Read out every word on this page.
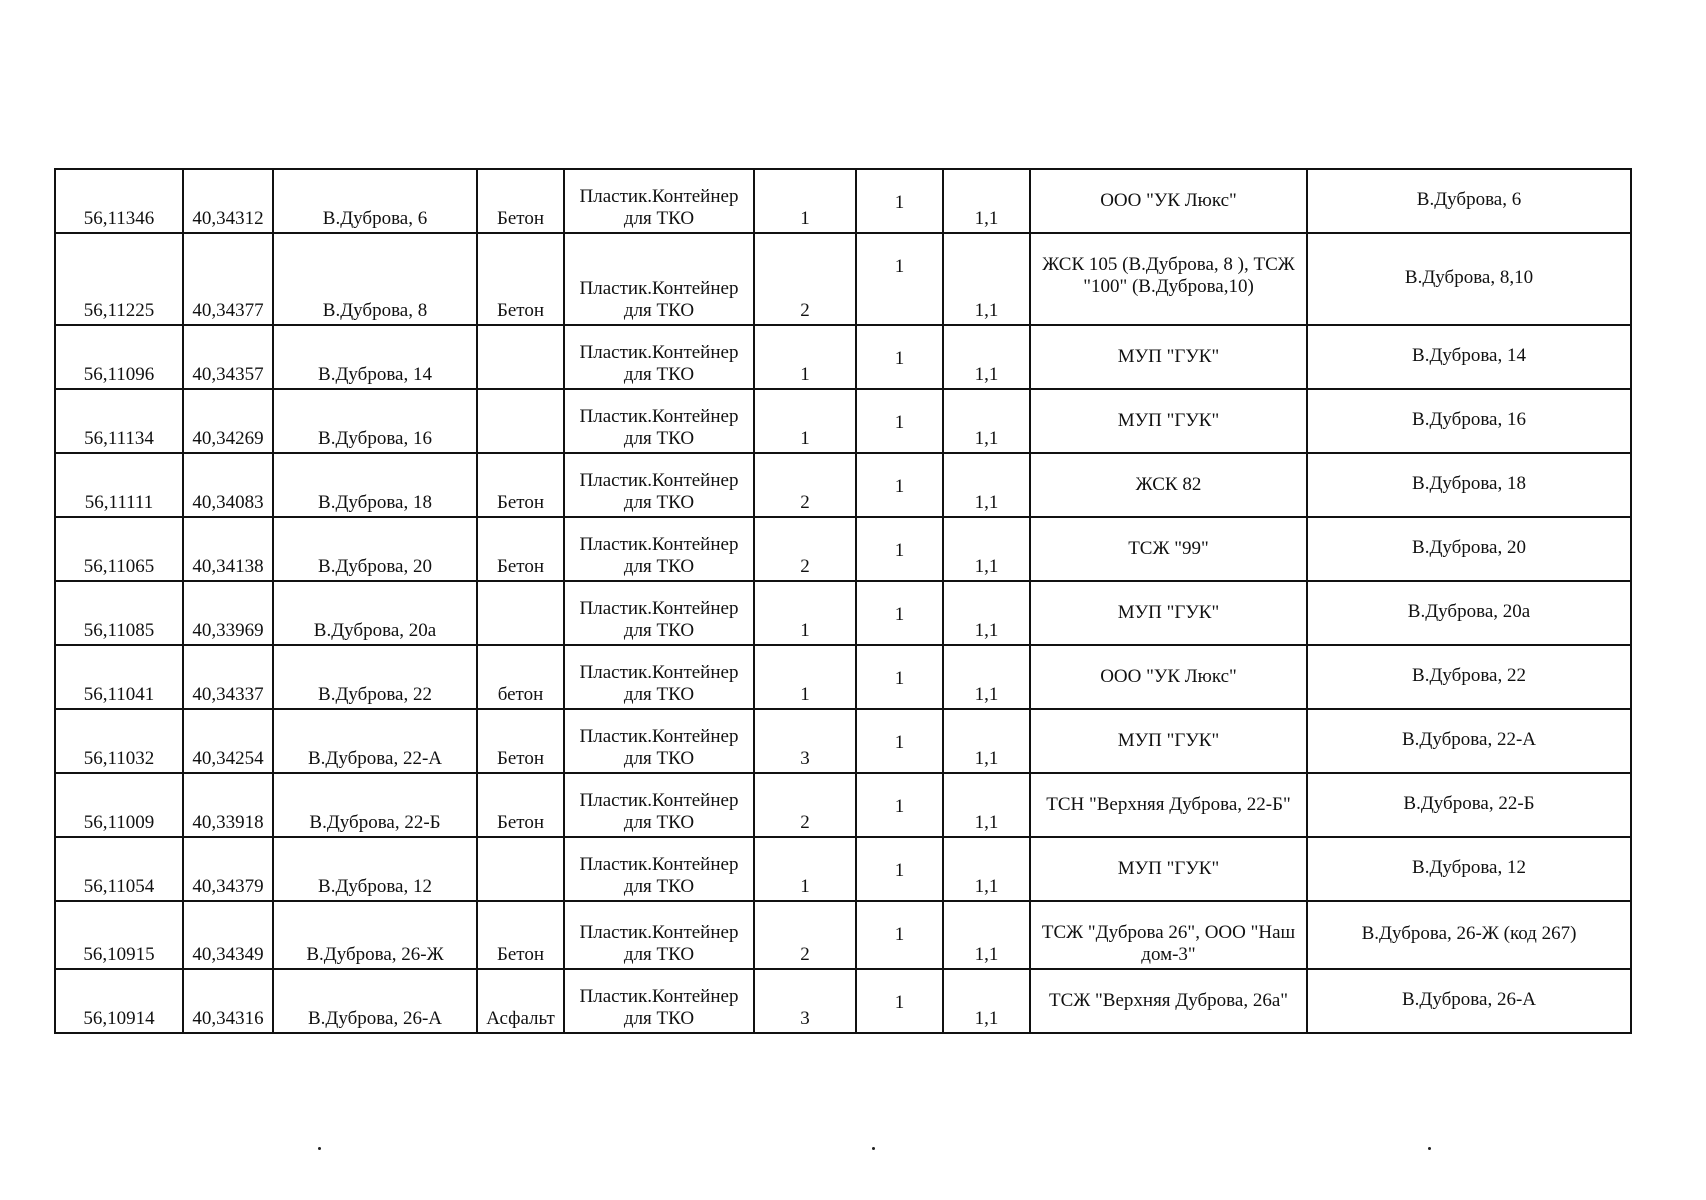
56,11346	40,34312	В.Дуброва, 6	Бетон	Пластик.Контейнер для ТКО	1	1	1,1	ООО "УК Люкс"	В.Дуброва, 6
56,11225	40,34377	В.Дуброва, 8	Бетон	Пластик.Контейнер для ТКО	2	1	1,1	ЖСК 105 (В.Дуброва, 8 ), ТСЖ "100" (В.Дуброва,10)	В.Дуброва, 8,10
56,11096	40,34357	В.Дуброва, 14		Пластик.Контейнер для ТКО	1	1	1,1	МУП "ГУК"	В.Дуброва, 14
56,11134	40,34269	В.Дуброва, 16		Пластик.Контейнер для ТКО	1	1	1,1	МУП "ГУК"	В.Дуброва, 16
56,11111	40,34083	В.Дуброва, 18	Бетон	Пластик.Контейнер для ТКО	2	1	1,1	ЖСК 82	В.Дуброва, 18
56,11065	40,34138	В.Дуброва, 20	Бетон	Пластик.Контейнер для ТКО	2	1	1,1	ТСЖ "99"	В.Дуброва, 20
56,11085	40,33969	В.Дуброва, 20а		Пластик.Контейнер для ТКО	1	1	1,1	МУП "ГУК"	В.Дуброва, 20а
56,11041	40,34337	В.Дуброва, 22	бетон	Пластик.Контейнер для ТКО	1	1	1,1	ООО "УК Люкс"	В.Дуброва, 22
56,11032	40,34254	В.Дуброва, 22-А	Бетон	Пластик.Контейнер для ТКО	3	1	1,1	МУП "ГУК"	В.Дуброва, 22-А
56,11009	40,33918	В.Дуброва, 22-Б	Бетон	Пластик.Контейнер для ТКО	2	1	1,1	ТСН "Верхняя Дуброва, 22-Б"	В.Дуброва, 22-Б
56,11054	40,34379	В.Дуброва, 12		Пластик.Контейнер для ТКО	1	1	1,1	МУП "ГУК"	В.Дуброва, 12
56,10915	40,34349	В.Дуброва, 26-Ж	Бетон	Пластик.Контейнер для ТКО	2	1	1,1	ТСЖ "Дуброва 26", ООО "Наш дом-3"	В.Дуброва, 26-Ж (код 267)
56,10914	40,34316	В.Дуброва, 26-А	Асфальт	Пластик.Контейнер для ТКО	3	1	1,1	ТСЖ "Верхняя Дуброва, 26а"	В.Дуброва, 26-А
